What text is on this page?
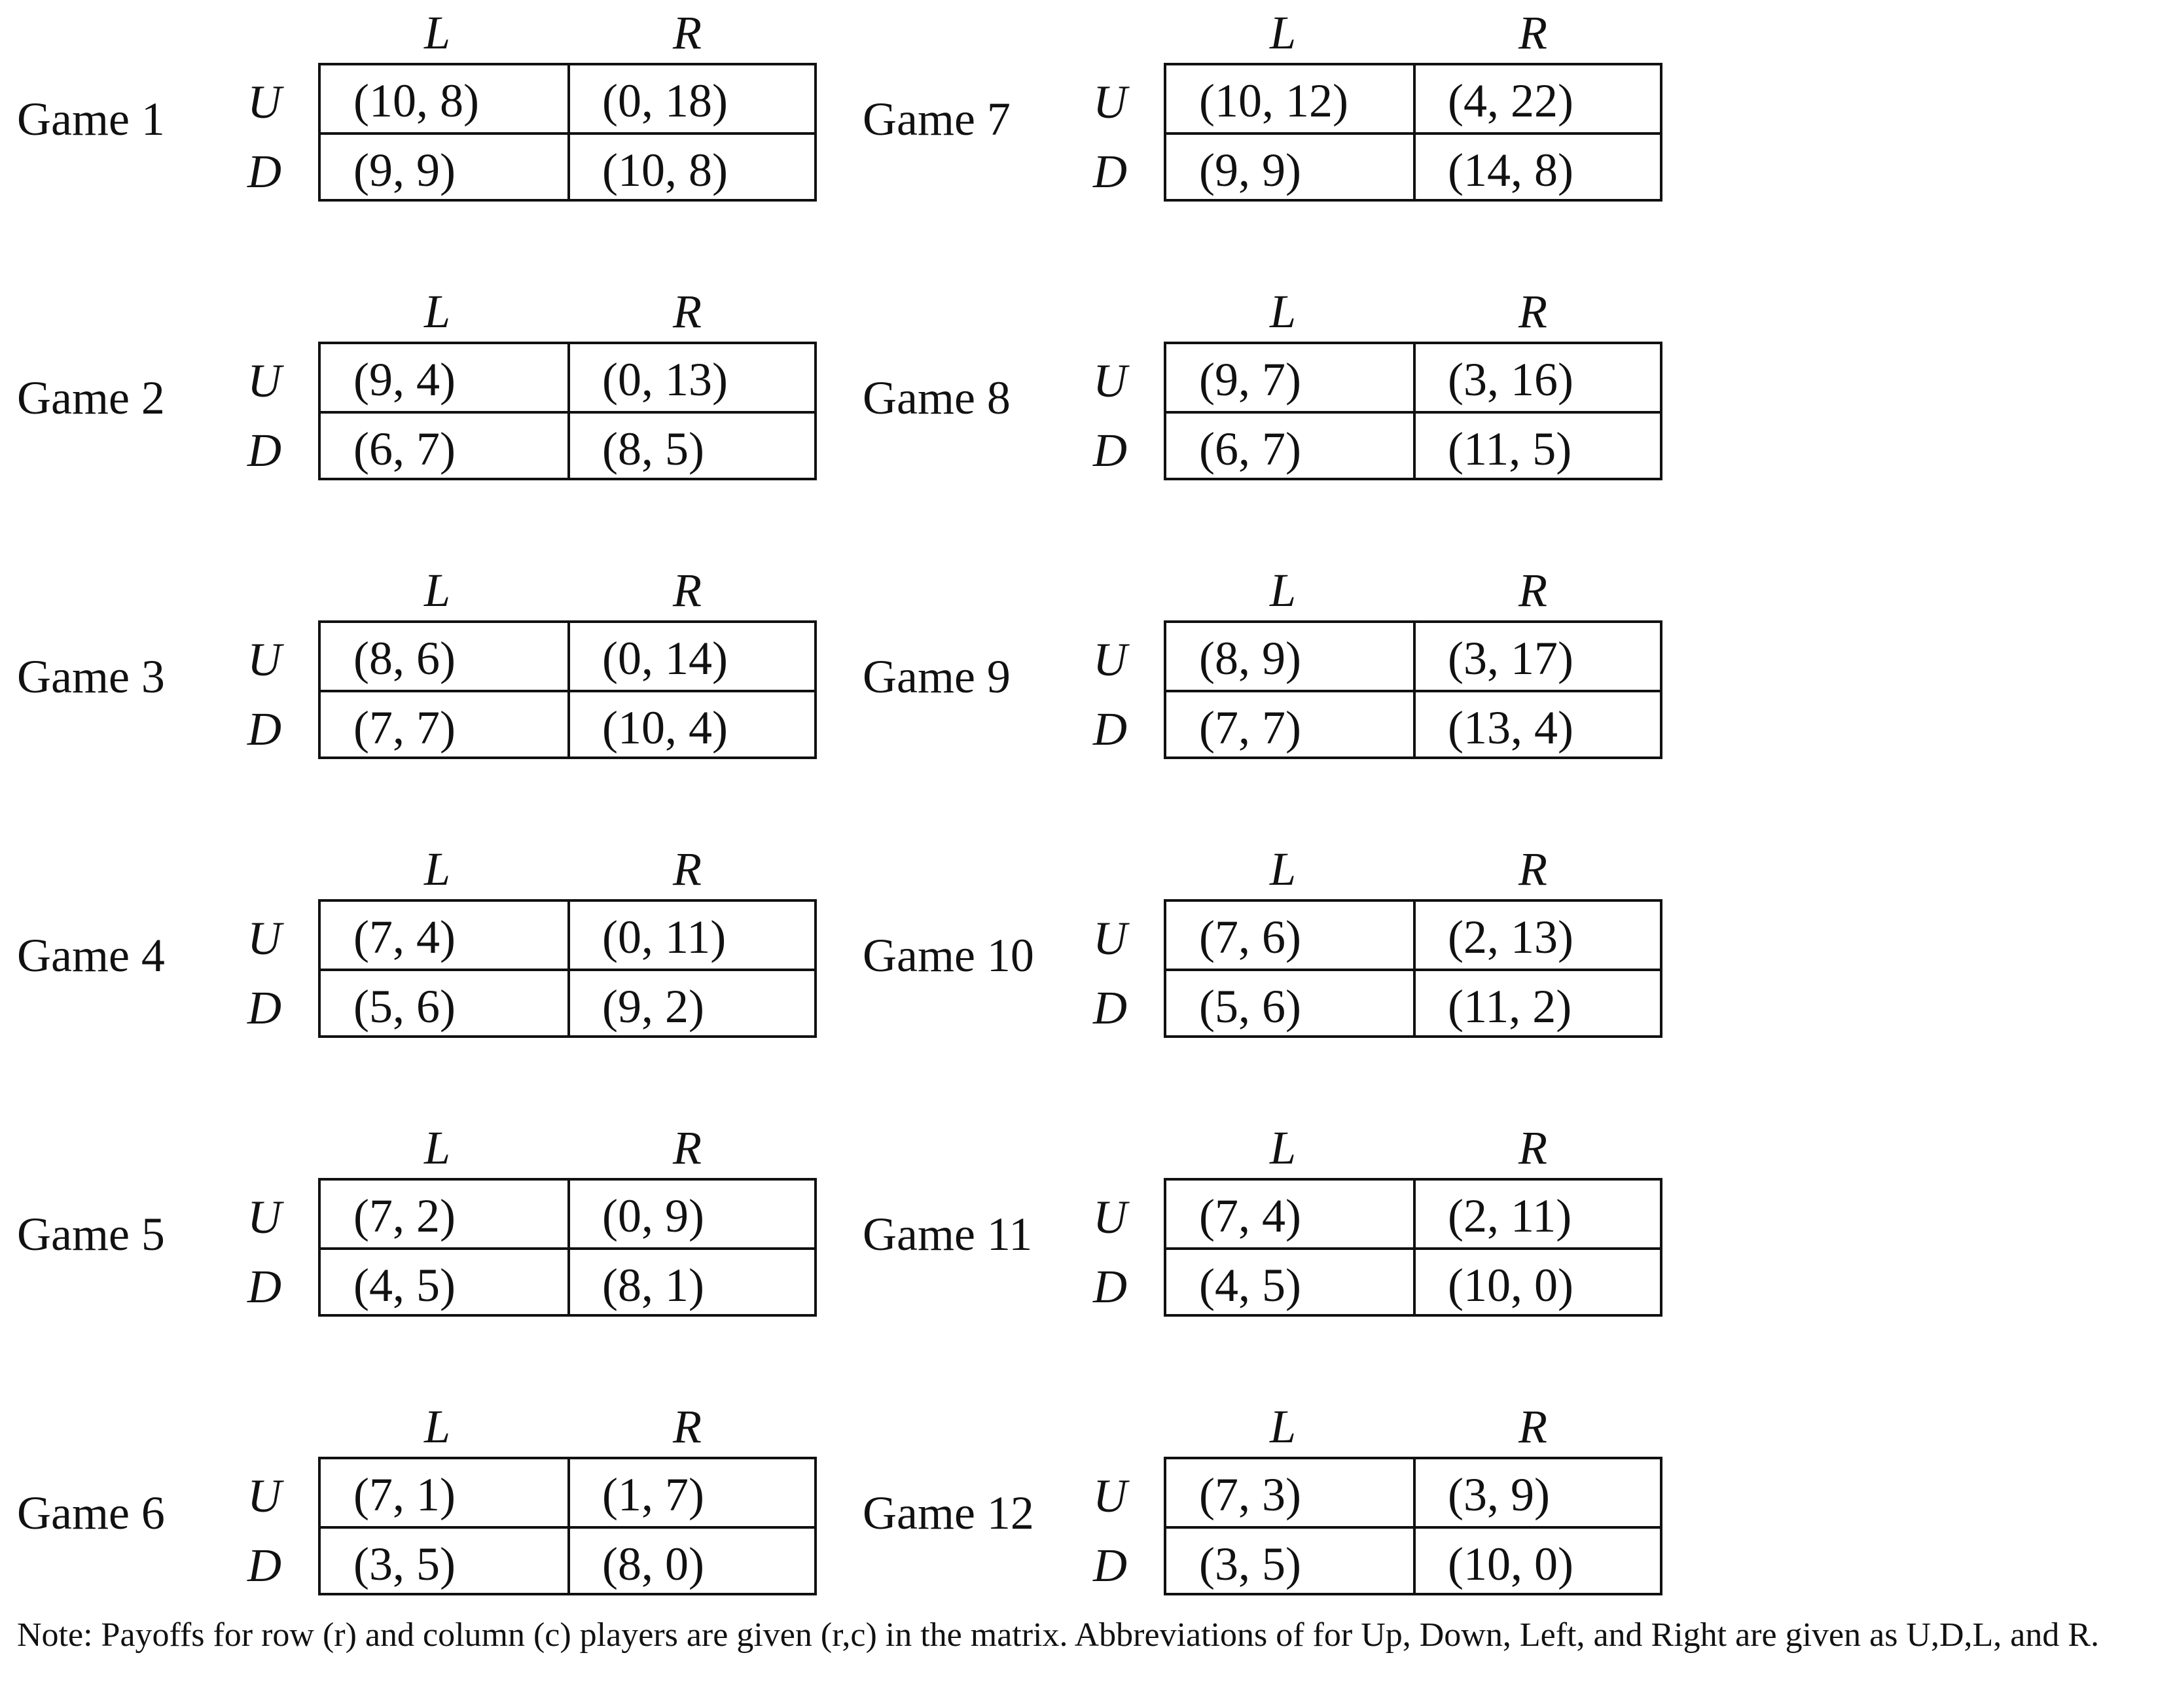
Game 1
L	R
U
D
(10, 8)	(0, 18)
(9, 9)	(10, 8)
Game 2
L	R
U
D
(9, 4)	(0, 13)
(6, 7)	(8, 5)
Game 3
L	R
U
D
(8, 6)	(0, 14)
(7, 7)	(10, 4)
Game 4
L	R
U
D
(7, 4)	(0, 11)
(5, 6)	(9, 2)
Game 5
L	R
U
D
(7, 2)	(0, 9)
(4, 5)	(8, 1)
Game 6
L	R
U
D
(7, 1)	(1, 7)
(3, 5)	(8, 0)
Game 7
L	R
U
D
(10, 12) (4, 22)
(9, 9)	(14, 8)
Game 8
L	R
U
D
(9, 7)	(3, 16)
(6, 7)	(11, 5)
Game 9
L	R
U
D
(8, 9)	(3, 17)
(7, 7)	(13, 4)
Game 10
L	R
U
D
(7, 6)	(2, 13)
(5, 6)	(11, 2)
Game 11
L	R
U
D
(7, 4)	(2, 11)
(4, 5)	(10, 0)
Game 12
L	R
U
D
(7, 3)	(3, 9)
(3, 5)	(10, 0)
Note: Payoffs for row (r) and column (c) players are given (r,c) in the matrix. Abbreviations of for Up, Down, Left, and Right are given as U,D,L, and R.
